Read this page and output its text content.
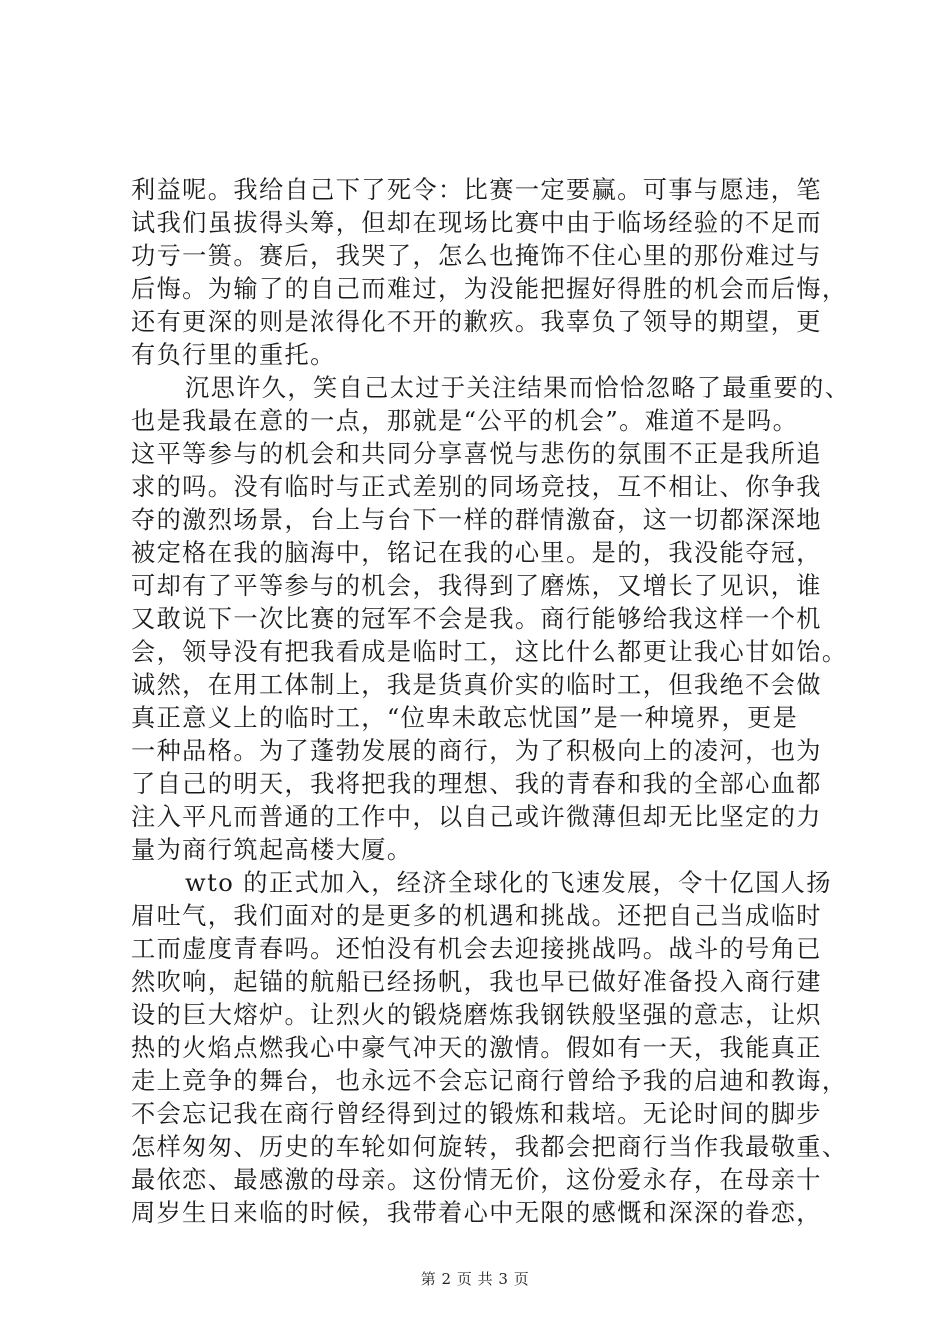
利益呢。我给自己下了死令：比赛一定要赢。可事与愿违，笔
试我们虽拔得头筹，但却在现场比赛中由于临场经验的不足而
功亏一篑。赛后，我哭了，怎么也掩饰不住心里的那份难过与
后悔。为输了的自己而难过，为没能把握好得胜的机会而后悔，
还有更深的则是浓得化不开的歉疚。我辜负了领导的期望，更
有负行里的重托。
沉思许久，笑自己太过于关注结果而恰恰忽略了最重要的、
也是我最在意的一点，那就是“公平的机会”。难道不是吗。
这平等参与的机会和共同分享喜悦与悲伤的氛围不正是我所追
求的吗。没有临时与正式差别的同场竞技，互不相让、你争我
夺的激烈场景，台上与台下一样的群情激奋，这一切都深深地
被定格在我的脑海中，铭记在我的心里。是的，我没能夺冠，
可却有了平等参与的机会，我得到了磨炼，又增长了见识，谁
又敢说下一次比赛的冠军不会是我。商行能够给我这样一个机
会，领导没有把我看成是临时工，这比什么都更让我心甘如饴。
诚然，在用工体制上，我是货真价实的临时工，但我绝不会做
真正意义上的临时工，“位卑未敢忘忧国”是一种境界，更是
一种品格。为了蓬勃发展的商行，为了积极向上的凌河，也为
了自己的明天，我将把我的理想、我的青春和我的全部心血都
注入平凡而普通的工作中，以自己或许微薄但却无比坚定的力
量为商行筑起高楼大厦。
wto 的正式加入，经济全球化的飞速发展，令十亿国人扬
眉吐气，我们面对的是更多的机遇和挑战。还把自己当成临时
工而虚度青春吗。还怕没有机会去迎接挑战吗。战斗的号角已
然吹响，起锚的航船已经扬帆，我也早已做好准备投入商行建
设的巨大熔炉。让烈火的锻烧磨炼我钢铁般坚强的意志，让炽
热的火焰点燃我心中豪气冲天的激情。假如有一天，我能真正
走上竞争的舞台，也永远不会忘记商行曾给予我的启迪和教诲，
不会忘记我在商行曾经得到过的锻炼和栽培。无论时间的脚步
怎样匆匆、历史的车轮如何旋转，我都会把商行当作我最敬重、
最依恋、最感激的母亲。这份情无价，这份爱永存，在母亲十
周岁生日来临的时候，我带着心中无限的感慨和深深的眷恋，
第 2 页 共 3 页
